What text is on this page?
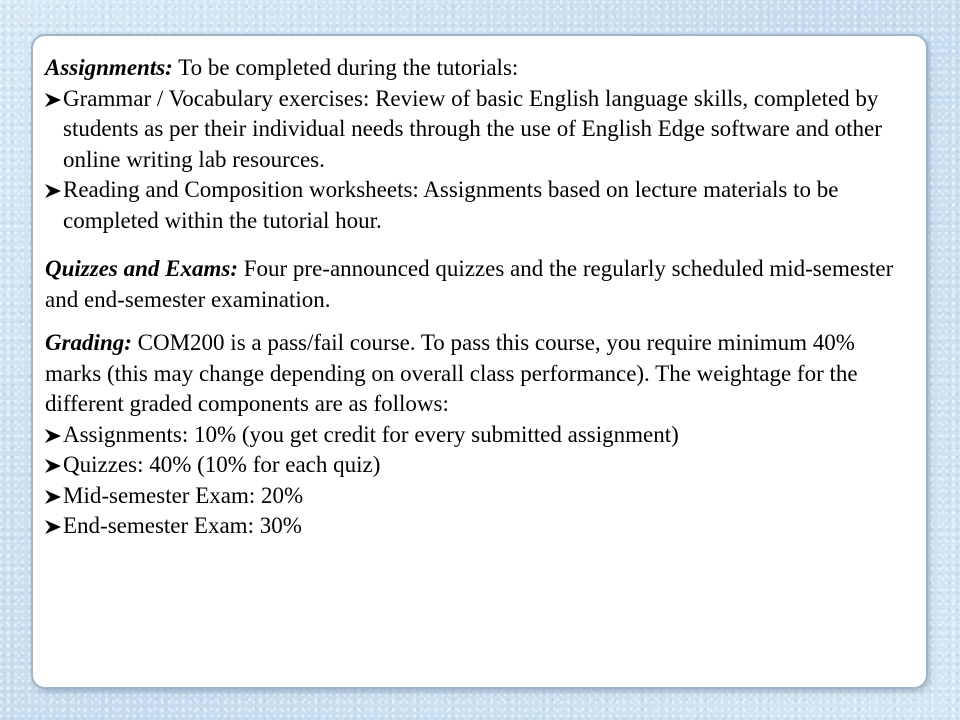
Assignments: To be completed during the tutorials:

Grammar / Vocabulary exercises: Review of basic English language skills, completed by students as per their individual needs through the use of English Edge software and other online writing lab resources.
Reading and Composition worksheets: Assignments based on lecture materials to be completed within the tutorial hour.

Quizzes and Exams: Four pre-announced quizzes and the regularly scheduled mid-semester and end-semester examination.

Grading: COM200 is a pass/fail course. To pass this course, you require minimum 40% marks (this may change depending on overall class performance). The weightage for the different graded components are as follows:

Assignments: 10% (you get credit for every submitted assignment)
Quizzes: 40% (10% for each quiz)
Mid-semester Exam: 20%
End-semester Exam: 30%
